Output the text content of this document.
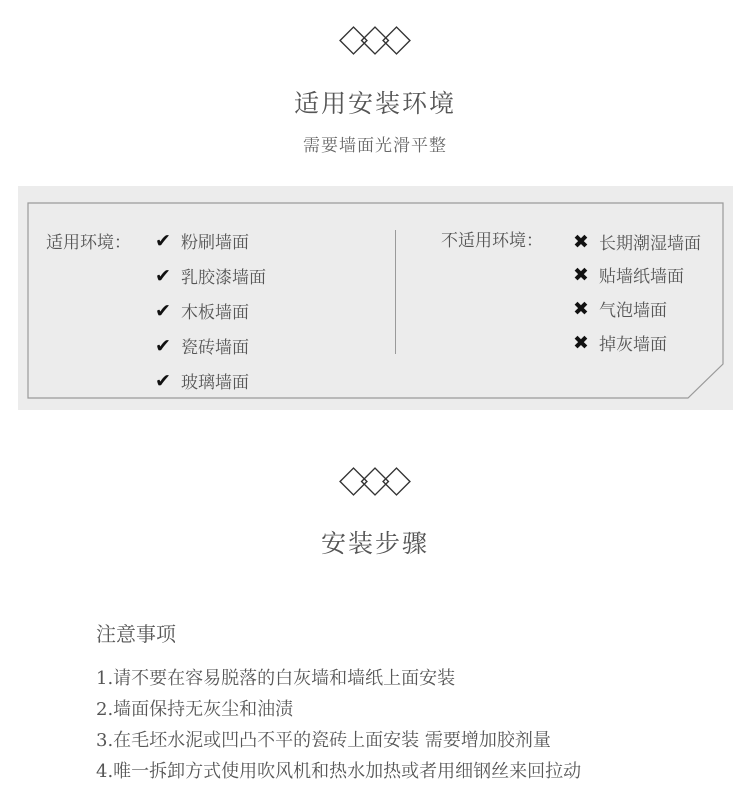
适用安装环境
需要墙面光滑平整
适用环境： ✔ 粉刷墙面
✔ 乳胶漆墙面
✔ 木板墙面
✔ 瓷砖墙面
✔ 玻璃墙面
不适用环境： ✖ 长期潮湿墙面
✖ 贴墙纸墙面
✖ 气泡墙面
✖ 掉灰墙面
安装步骤
注意事项
1.请不要在容易脱落的白灰墙和墙纸上面安装
2.墙面保持无灰尘和油渍
3.在毛坯水泥或凹凸不平的瓷砖上面安装 需要增加胶剂量
4.唯一拆卸方式使用吹风机和热水加热或者用细钢丝来回拉动
